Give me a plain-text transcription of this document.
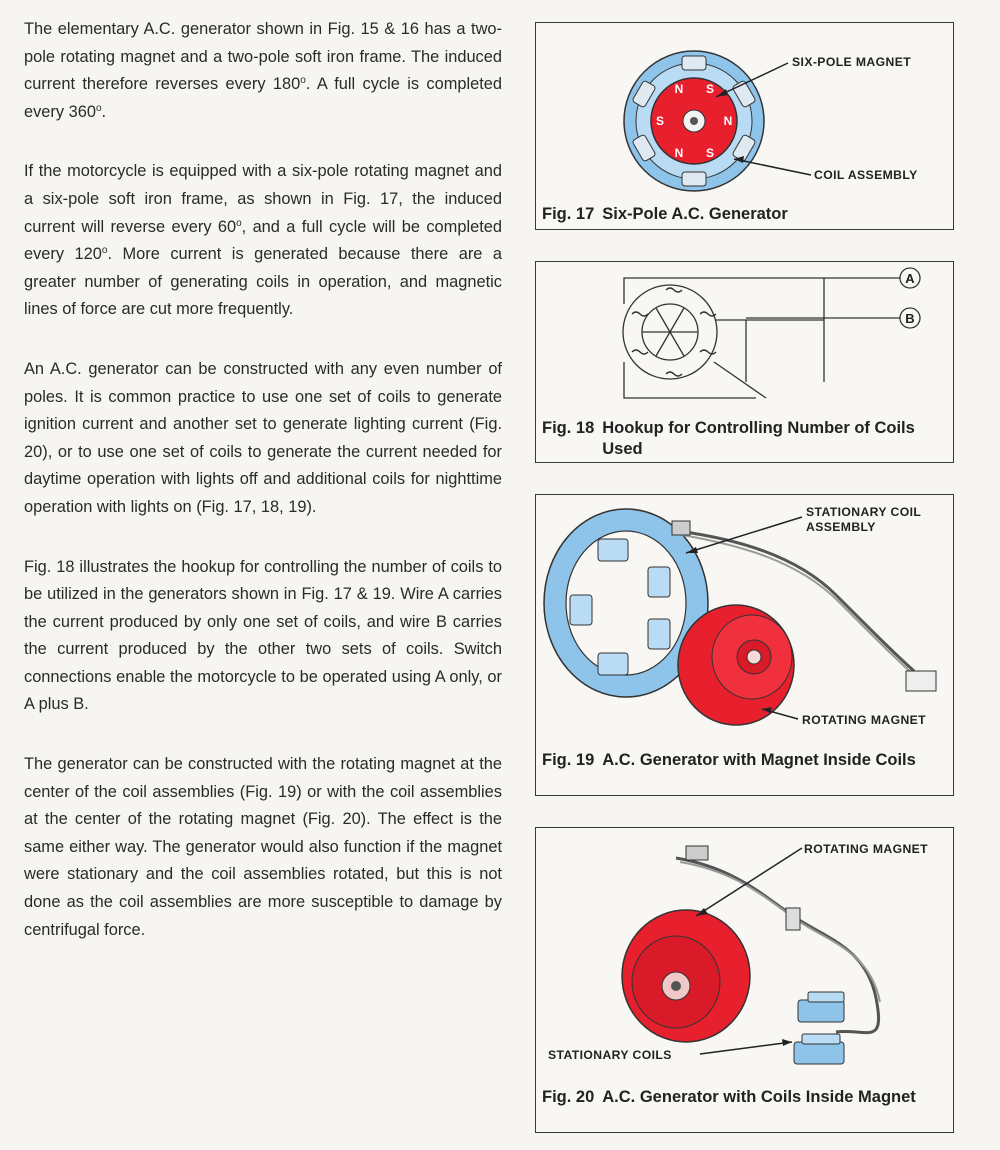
The elementary A.C. generator shown in Fig. 15 & 16 has a two-pole rotating magnet and a two-pole soft iron frame. The induced current therefore reverses every 180$^o$. A full cycle is completed every 360$^o$.

If the motorcycle is equipped with a six-pole rotating magnet and a six-pole soft iron frame, as shown in Fig. 17, the induced current will reverse every 60$^o$, and a full cycle will be completed every 120$^o$. More current is generated because there are a greater number of generating coils in operation, and magnetic lines of force are cut more frequently.

An A.C. generator can be constructed with any even number of poles. It is common practice to use one set of coils to generate ignition current and another set to generate lighting current (Fig. 20), or to use one set of coils to generate the current needed for daytime operation with lights off and additional coils for nighttime operation with lights on (Fig. 17, 18, 19).

Fig. 18 illustrates the hookup for controlling the number of coils to be utilized in the generators shown in Fig. 17 & 19. Wire A carries the current produced by only one set of coils, and wire B carries the current produced by the other two sets of coils. Switch connections enable the motorcycle to be operated using A only, or A plus B.

The generator can be constructed with the rotating magnet at the center of the coil assemblies (Fig. 19) or with the coil assemblies at the center of the rotating magnet (Fig. 20). The effect is the same either way. The generator would also function if the magnet were stationary and the coil assemblies rotated, but this is not done as the coil assemblies are more susceptible to damage by centrifugal force.

N S
S	N
N S
SIX-POLE MAGNET
COIL ASSEMBLY
Fig. 17 Six-Pole A.C. Generator
A
B
Fig. 18 Hookup for Controlling Number of Coils Used
STATIONARY COIL ASSEMBLY
ROTATING MAGNET
Fig. 19 A.C. Generator with Magnet Inside Coils
ROTATING MAGNET
STATIONARY COILS
Fig. 20 A.C. Generator with Coils Inside Magnet
